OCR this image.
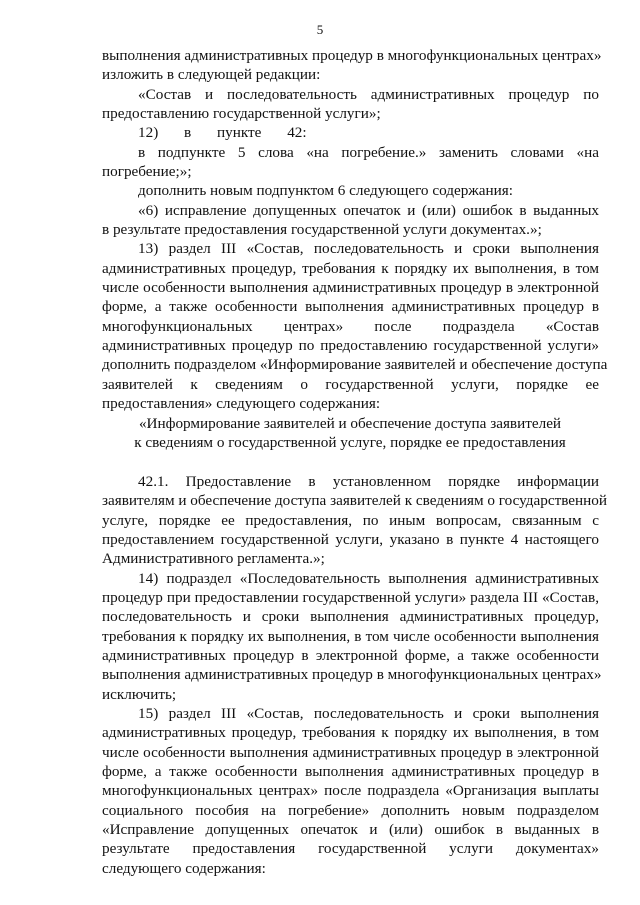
5
выполнения административных процедур в многофункциональных центрах»
изложить в следующей редакции:
«Состав и последовательность административных процедур по
предоставлению государственной услуги»;
12) в пункте 42:
в подпункте 5 слова «на погребение.» заменить словами «на
погребение;»;
дополнить новым подпунктом 6 следующего содержания:
«6) исправление допущенных опечаток и (или) ошибок в выданных
в результате предоставления государственной услуги документах.»;
13) раздел III «Состав, последовательность и сроки выполнения
административных процедур, требования к порядку их выполнения, в том
числе особенности выполнения административных процедур в электронной
форме, а также особенности выполнения административных процедур в
многофункциональных центрах» после подраздела «Состав
административных процедур по предоставлению государственной услуги»
дополнить подразделом «Информирование заявителей и обеспечение доступа
заявителей к сведениям о государственной услуги, порядке ее
предоставления» следующего содержания:
«Информирование заявителей и обеспечение доступа заявителей
к сведениям о государственной услуге, порядке ее предоставления
42.1. Предоставление в установленном порядке информации
заявителям и обеспечение доступа заявителей к сведениям о государственной
услуге, порядке ее предоставления, по иным вопросам, связанным с
предоставлением государственной услуги, указано в пункте 4 настоящего
Административного регламента.»;
14) подраздел «Последовательность выполнения административных
процедур при предоставлении государственной услуги» раздела III «Состав,
последовательность и сроки выполнения административных процедур,
требования к порядку их выполнения, в том числе особенности выполнения
административных процедур в электронной форме, а также особенности
выполнения административных процедур в многофункциональных центрах»
исключить;
15) раздел III «Состав, последовательность и сроки выполнения
административных процедур, требования к порядку их выполнения, в том
числе особенности выполнения административных процедур в электронной
форме, а также особенности выполнения административных процедур в
многофункциональных центрах» после подраздела «Организация выплаты
социального пособия на погребение» дополнить новым подразделом
«Исправление допущенных опечаток и (или) ошибок в выданных в
результате предоставления государственной услуги документах»
следующего содержания:
